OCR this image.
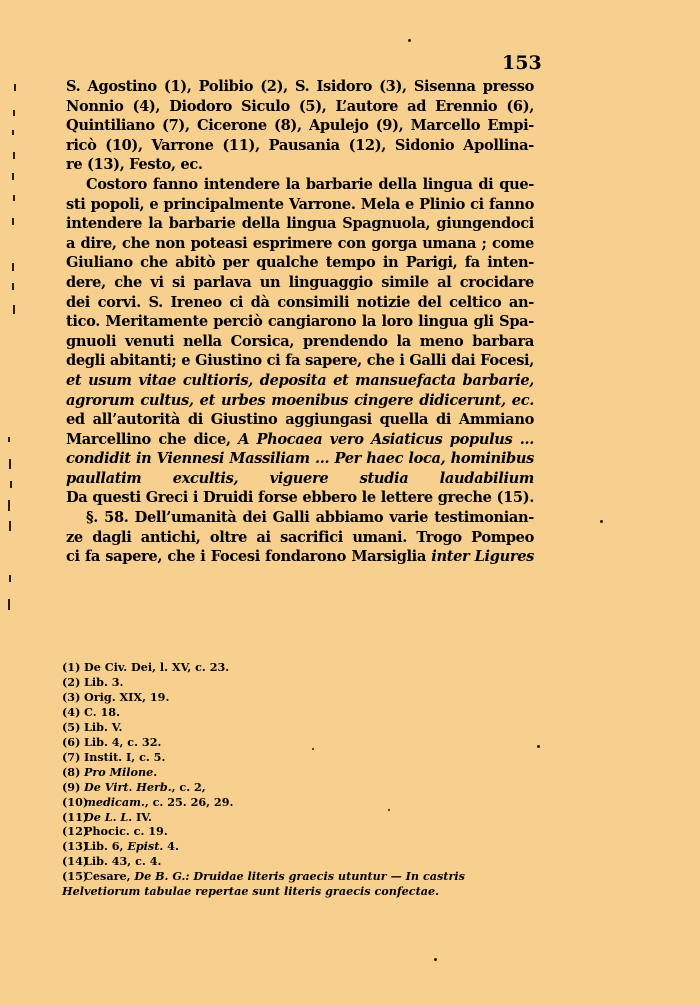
153
S. Agostino (1), Polibio (2), S. Isidoro (3), Sisenna presso
Nonnio (4), Diodoro Siculo (5), L’autore ad Erennio (6),
Quintiliano (7), Cicerone (8), Apulejo (9), Marcello Empi-
ricò (10), Varrone (11), Pausania (12), Sidonio Apollina-
re (13), Festo, ec.
Costoro fanno intendere la barbarie della lingua di que-
sti popoli, e principalmente Varrone. Mela e Plinio ci fanno
intendere la barbarie della lingua Spagnuola, giungendoci
a dire, che non poteasi esprimere con gorga umana ; come
Giuliano che abitò per qualche tempo in Parigi, fa inten-
dere, che vi si parlava un linguaggio simile al crocidare
dei corvi. S. Ireneo ci dà consimili notizie del celtico an-
tico. Meritamente perciò cangiarono la loro lingua gli Spa-
gnuoli venuti nella Corsica, prendendo la meno barbara
degli abitanti; e Giustino ci fa sapere, che i Galli dai Focesi,
et usum vitae cultioris, deposita et mansuefacta barbarie,
agrorum cultus, et urbes moenibus cingere didicerunt, ec.
ed all’autorità di Giustino aggiungasi quella di Ammiano
Marcellino che dice, A Phocaea vero Asiaticus populus ...
condidit in Viennesi Massiliam ... Per haec loca, hominibus
paullatim excultis, viguere studia laudabilium
Da questi Greci i Druidi forse ebbero le lettere greche (15).
§. 58. Dell’umanità dei Galli abbiamo varie testimonian-
ze dagli antichi, oltre ai sacrifici umani. Trogo Pompeo
ci fa sapere, che i Focesi fondarono Marsiglia inter Ligures
(1) De Civ. Dei, l. XV, c. 23.
(2) Lib. 3.
(3) Orig. XIX, 19.
(4) C. 18.
(5) Lib. V.
(6) Lib. 4, c. 32.
(7) Instit. I, c. 5.
(8) Pro Milone.
(9) De Virt. Herb., c. 2,
(10)medicam., c. 25. 26, 29.
(11)De L. L. IV.
(12)Phocic. c. 19.
(13)Lib. 6, Epist. 4.
(14)Lib. 43, c. 4.
(15)Cesare, De B. G.: Druidae literis graecis utuntur — In castris Helvetiorum tabulae repertae sunt literis graecis confectae.
